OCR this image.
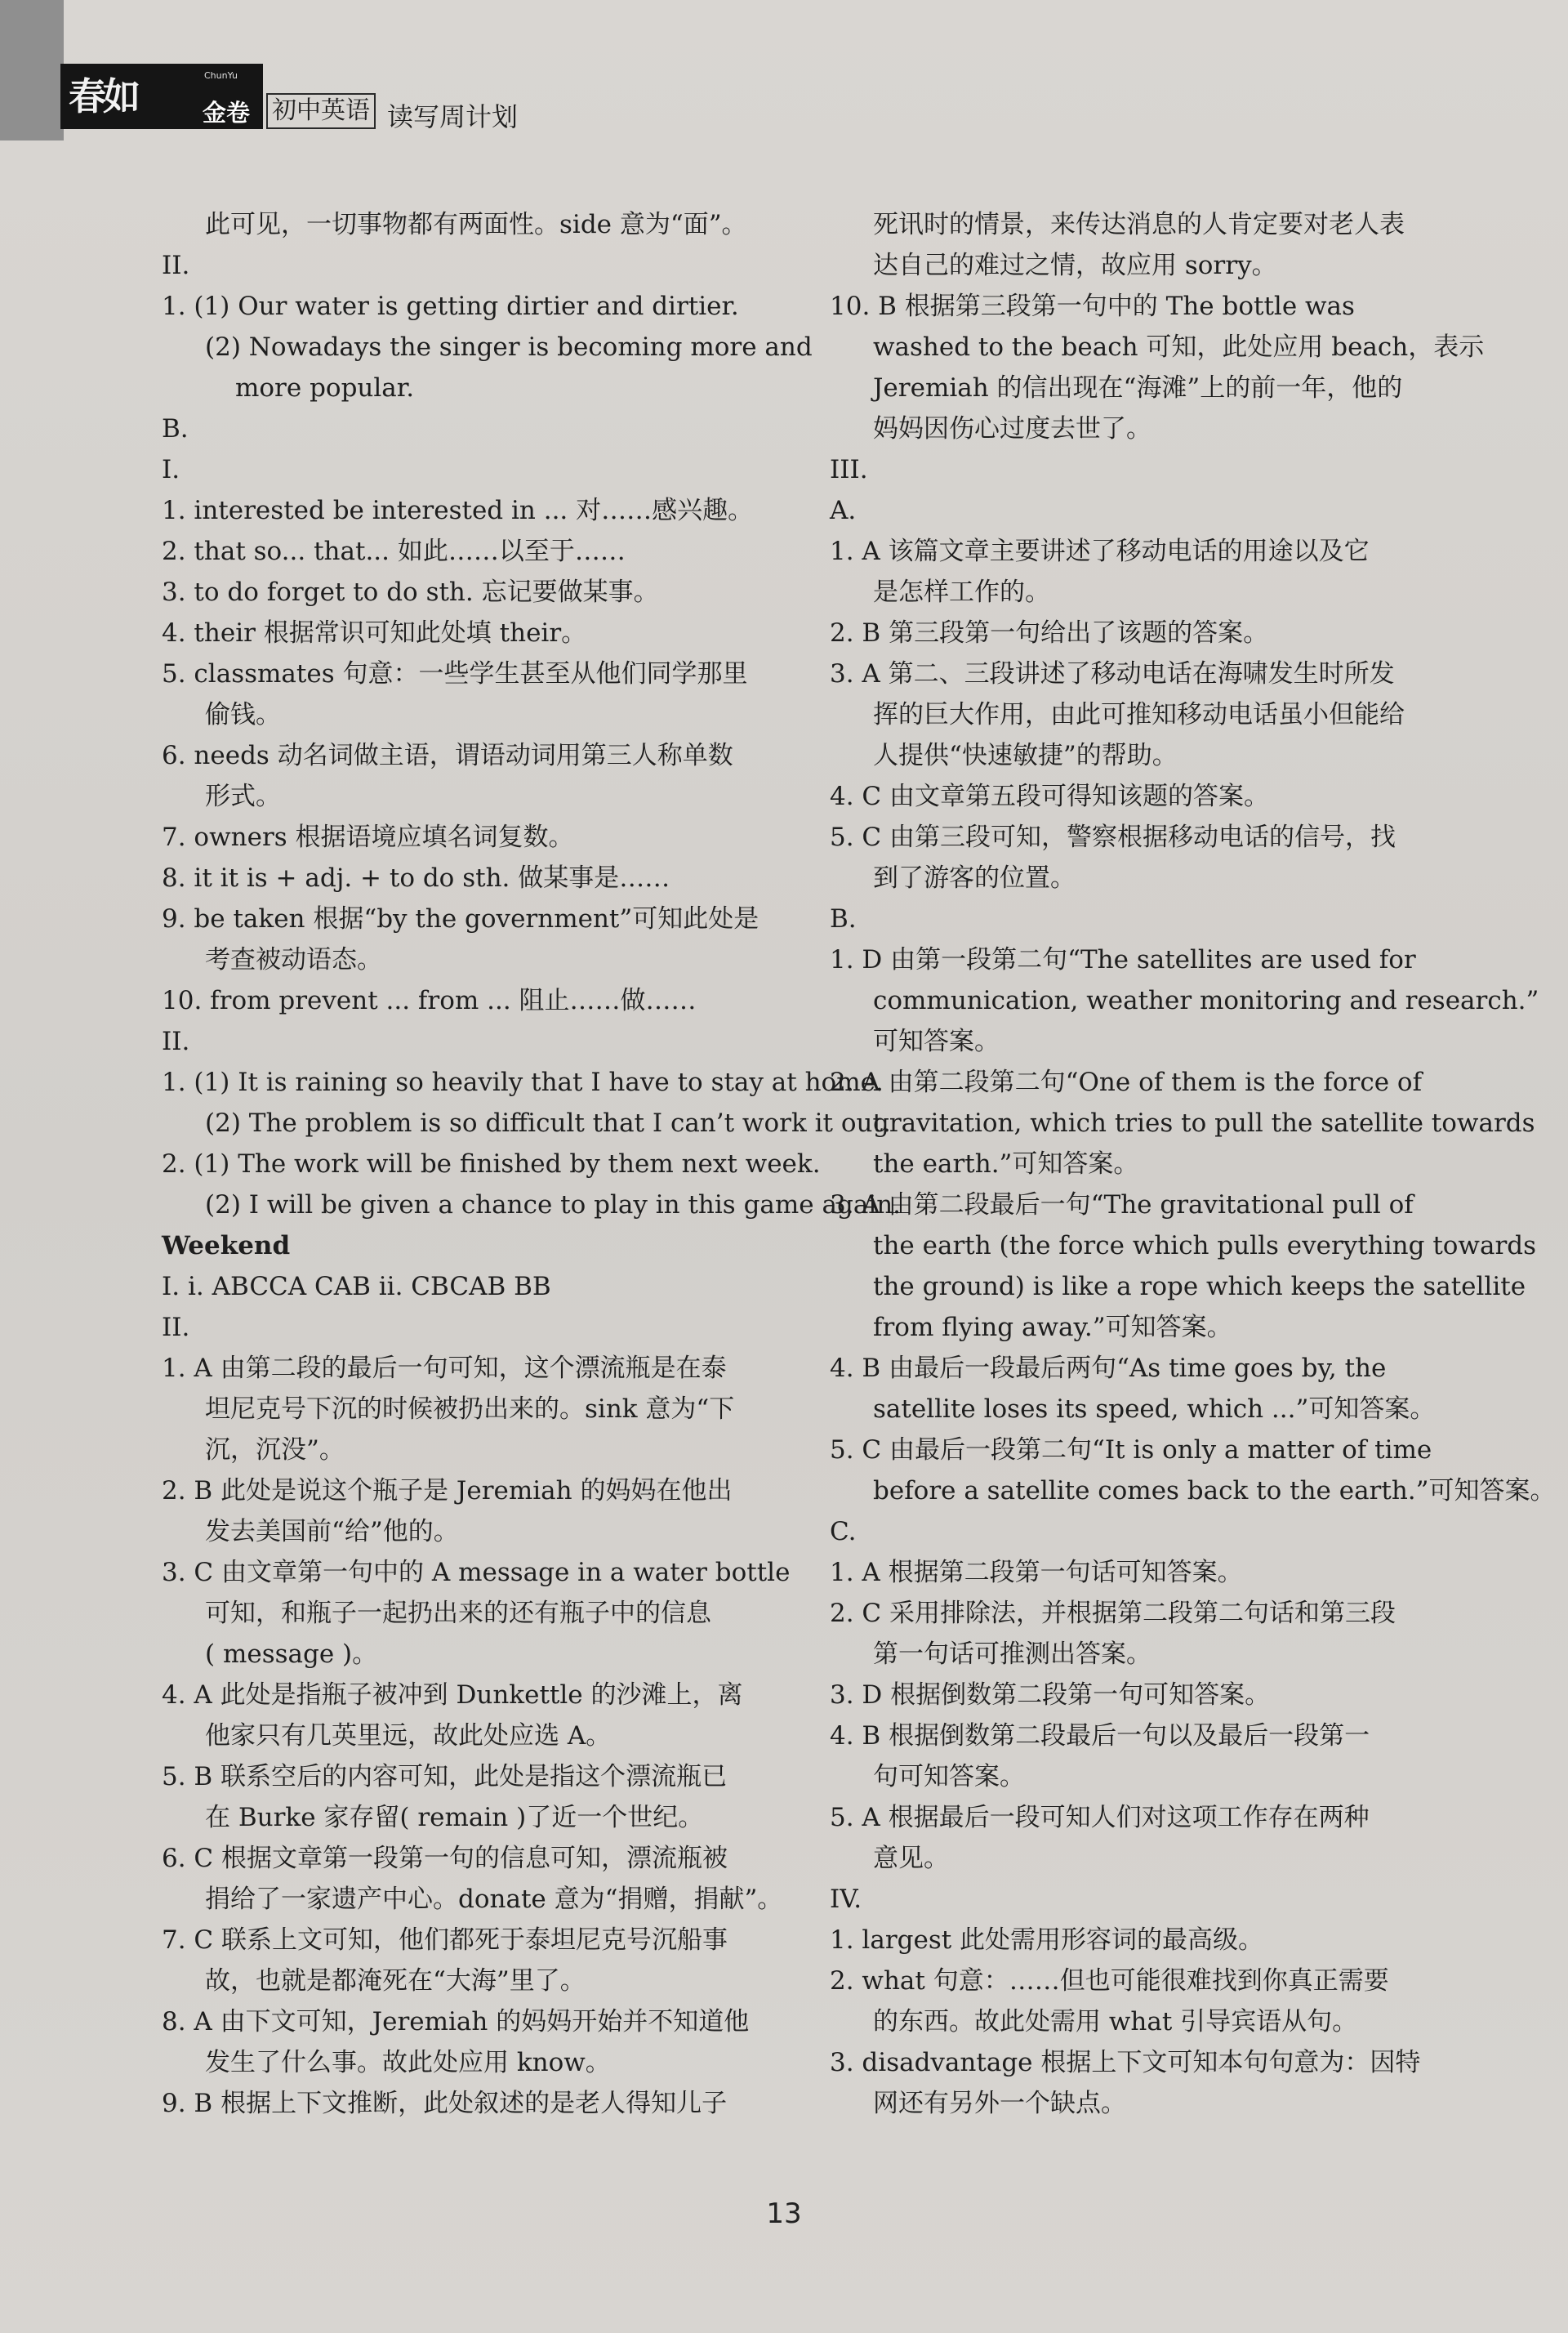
春如	ChunYu
金卷 初中英语 读写周计划
此可见，一切事物都有两面性。side 意为“面”。
II.
1. (1) Our water is getting dirtier and dirtier.
(2) Nowadays the singer is becoming more and
more popular.
B.
I.
1. interested be interested in ... 对……感兴趣。
2. that so... that... 如此……以至于……
3. to do forget to do sth. 忘记要做某事。
4. their 根据常识可知此处填 their。
5. classmates 句意：一些学生甚至从他们同学那里
偷钱。
6. needs 动名词做主语，谓语动词用第三人称单数
形式。
7. owners 根据语境应填名词复数。
8. it it is + adj. + to do sth. 做某事是……
9. be taken 根据“by the government”可知此处是
考查被动语态。
10. from prevent ... from ... 阻止……做……
II.
1. (1) It is raining so heavily that I have to stay at home.
(2) The problem is so difficult that I can’t work it out.
2. (1) The work will be finished by them next week.
(2) I will be given a chance to play in this game again.
Weekend
I. i. ABCCA CAB ii. CBCAB BB
II.
1. A 由第二段的最后一句可知，这个漂流瓶是在泰
坦尼克号下沉的时候被扔出来的。sink 意为“下
沉，沉没”。
2. B 此处是说这个瓶子是 Jeremiah 的妈妈在他出
发去美国前“给”他的。
3. C 由文章第一句中的 A message in a water bottle
可知，和瓶子一起扔出来的还有瓶子中的信息
( message )。
4. A 此处是指瓶子被冲到 Dunkettle 的沙滩上，离
他家只有几英里远，故此处应选 A。
5. B 联系空后的内容可知，此处是指这个漂流瓶已
在 Burke 家存留( remain )了近一个世纪。
6. C 根据文章第一段第一句的信息可知，漂流瓶被
捐给了一家遗产中心。donate 意为“捐赠，捐献”。
7. C 联系上文可知，他们都死于泰坦尼克号沉船事
故，也就是都淹死在“大海”里了。
8. A 由下文可知，Jeremiah 的妈妈开始并不知道他
发生了什么事。故此处应用 know。
9. B 根据上下文推断，此处叙述的是老人得知儿子
死讯时的情景，来传达消息的人肯定要对老人表
达自己的难过之情，故应用 sorry。
10. B 根据第三段第一句中的 The bottle was
washed to the beach 可知，此处应用 beach，表示
Jeremiah 的信出现在“海滩”上的前一年，他的
妈妈因伤心过度去世了。
III.
A.
1. A 该篇文章主要讲述了移动电话的用途以及它
是怎样工作的。
2. B 第三段第一句给出了该题的答案。
3. A 第二、三段讲述了移动电话在海啸发生时所发
挥的巨大作用，由此可推知移动电话虽小但能给
人提供“快速敏捷”的帮助。
4. C 由文章第五段可得知该题的答案。
5. C 由第三段可知，警察根据移动电话的信号，找
到了游客的位置。
B.
1. D 由第一段第二句“The satellites are used for
communication, weather monitoring and research.”
可知答案。
2. A 由第二段第二句“One of them is the force of
gravitation, which tries to pull the satellite towards
the earth.”可知答案。
3. A 由第二段最后一句“The gravitational pull of
the earth (the force which pulls everything towards
the ground) is like a rope which keeps the satellite
from flying away.”可知答案。
4. B 由最后一段最后两句“As time goes by, the
satellite loses its speed, which ...”可知答案。
5. C 由最后一段第二句“It is only a matter of time
before a satellite comes back to the earth.”可知答案。
C.
1. A 根据第二段第一句话可知答案。
2. C 采用排除法，并根据第二段第二句话和第三段
第一句话可推测出答案。
3. D 根据倒数第二段第一句可知答案。
4. B 根据倒数第二段最后一句以及最后一段第一
句可知答案。
5. A 根据最后一段可知人们对这项工作存在两种
意见。
IV.
1. largest 此处需用形容词的最高级。
2. what 句意：……但也可能很难找到你真正需要
的东西。故此处需用 what 引导宾语从句。
3. disadvantage 根据上下文可知本句句意为：因特
网还有另外一个缺点。
13
